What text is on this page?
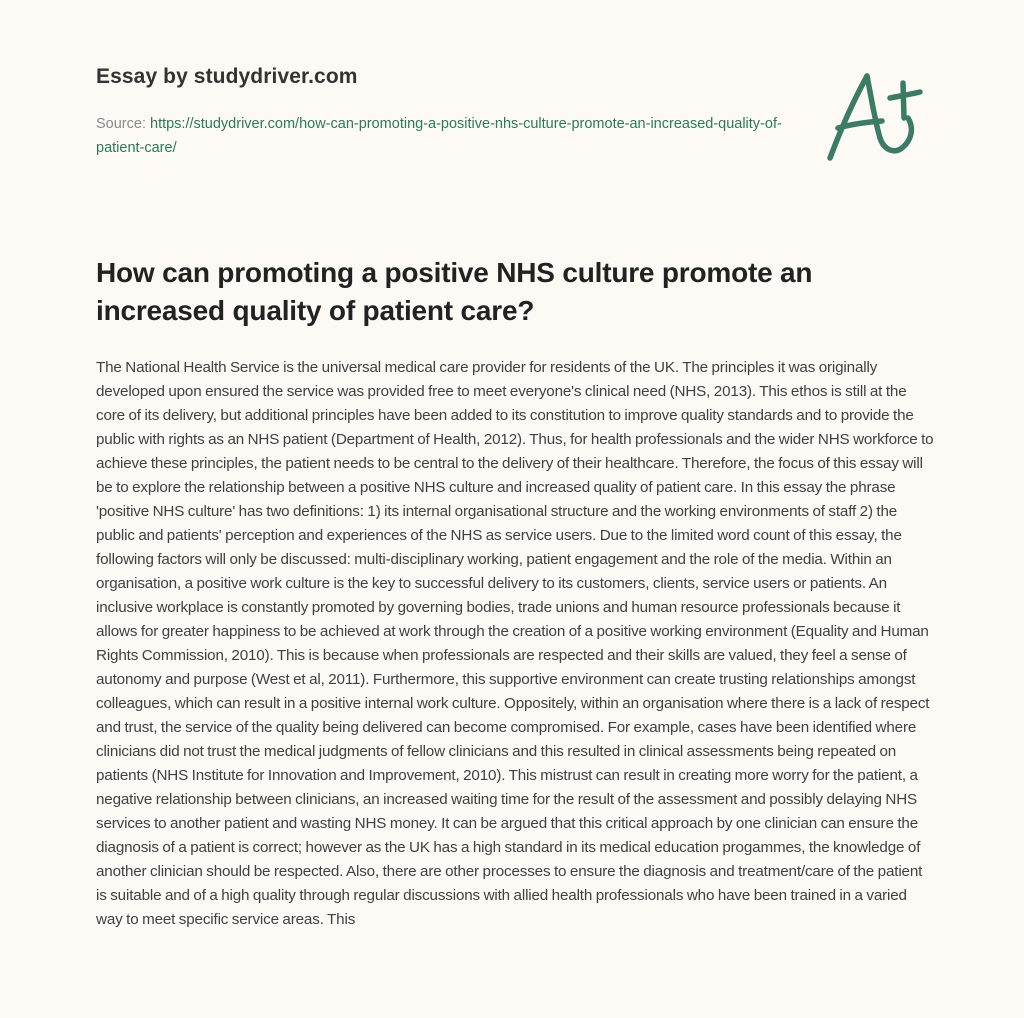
Essay by studydriver.com
Source: https://studydriver.com/how-can-promoting-a-positive-nhs-culture-promote-an-increased-quality-of-patient-care/
How can promoting a positive NHS culture promote an increased quality of patient care?

The National Health Service is the universal medical care provider for residents of the UK. The principles it was originally developed upon ensured the service was provided free to meet everyone's clinical need (NHS, 2013). This ethos is still at the core of its delivery, but additional principles have been added to its constitution to improve quality standards and to provide the public with rights as an NHS patient (Department of Health, 2012). Thus, for health professionals and the wider NHS workforce to achieve these principles, the patient needs to be central to the delivery of their healthcare. Therefore, the focus of this essay will be to explore the relationship between a positive NHS culture and increased quality of patient care. In this essay the phrase 'positive NHS culture' has two definitions: 1) its internal organisational structure and the working environments of staff 2) the public and patients' perception and experiences of the NHS as service users. Due to the limited word count of this essay, the following factors will only be discussed: multi-disciplinary working, patient engagement and the role of the media. Within an organisation, a positive work culture is the key to successful delivery to its customers, clients, service users or patients. An inclusive workplace is constantly promoted by governing bodies, trade unions and human resource professionals because it allows for greater happiness to be achieved at work through the creation of a positive working environment (Equality and Human Rights Commission, 2010). This is because when professionals are respected and their skills are valued, they feel a sense of autonomy and purpose (West et al, 2011). Furthermore, this supportive environment can create trusting relationships amongst colleagues, which can result in a positive internal work culture. Oppositely, within an organisation where there is a lack of respect and trust, the service of the quality being delivered can become compromised. For example, cases have been identified where clinicians did not trust the medical judgments of fellow clinicians and this resulted in clinical assessments being repeated on patients (NHS Institute for Innovation and Improvement, 2010). This mistrust can result in creating more worry for the patient, a negative relationship between clinicians, an increased waiting time for the result of the assessment and possibly delaying NHS services to another patient and wasting NHS money. It can be argued that this critical approach by one clinician can ensure the diagnosis of a patient is correct; however as the UK has a high standard in its medical education progammes, the knowledge of another clinician should be respected. Also, there are other processes to ensure the diagnosis and treatment/care of the patient is suitable and of a high quality through regular discussions with allied health professionals who have been trained in a varied way to meet specific service areas. This
